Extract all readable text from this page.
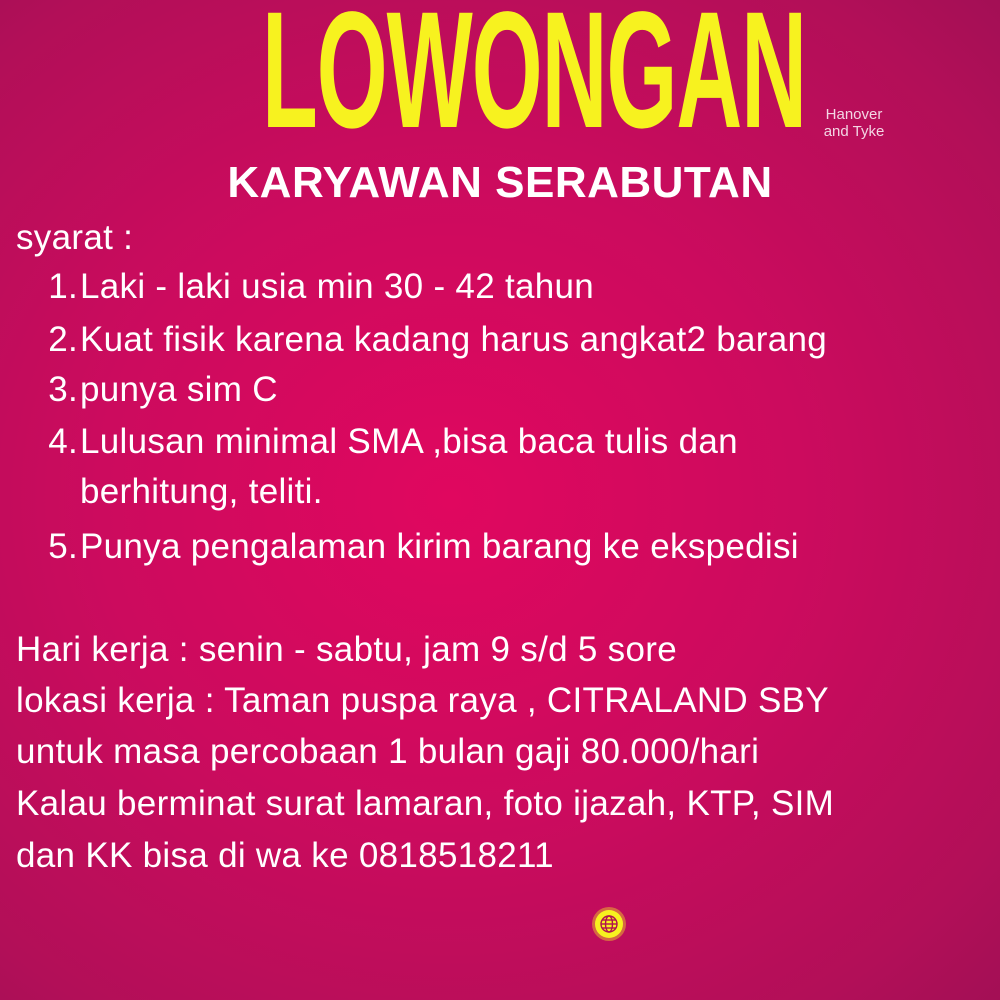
LOWONGAN	Hanover
and Tyke
KARYAWAN SERABUTAN
syarat :
1. Laki - laki usia min 30 - 42 tahun
2. Kuat fisik karena kadang harus angkat2 barang
3. punya sim C
4. Lulusan minimal SMA ,bisa baca tulis dan
berhitung, teliti.
5. Punya pengalaman kirim barang ke ekspedisi
Hari kerja : senin - sabtu, jam 9 s/d 5 sore
lokasi kerja : Taman puspa raya , CITRALAND SBY
untuk masa percobaan 1 bulan gaji 80.000/hari
Kalau berminat surat lamaran, foto ijazah, KTP, SIM
dan KK bisa di wa ke 0818518211
